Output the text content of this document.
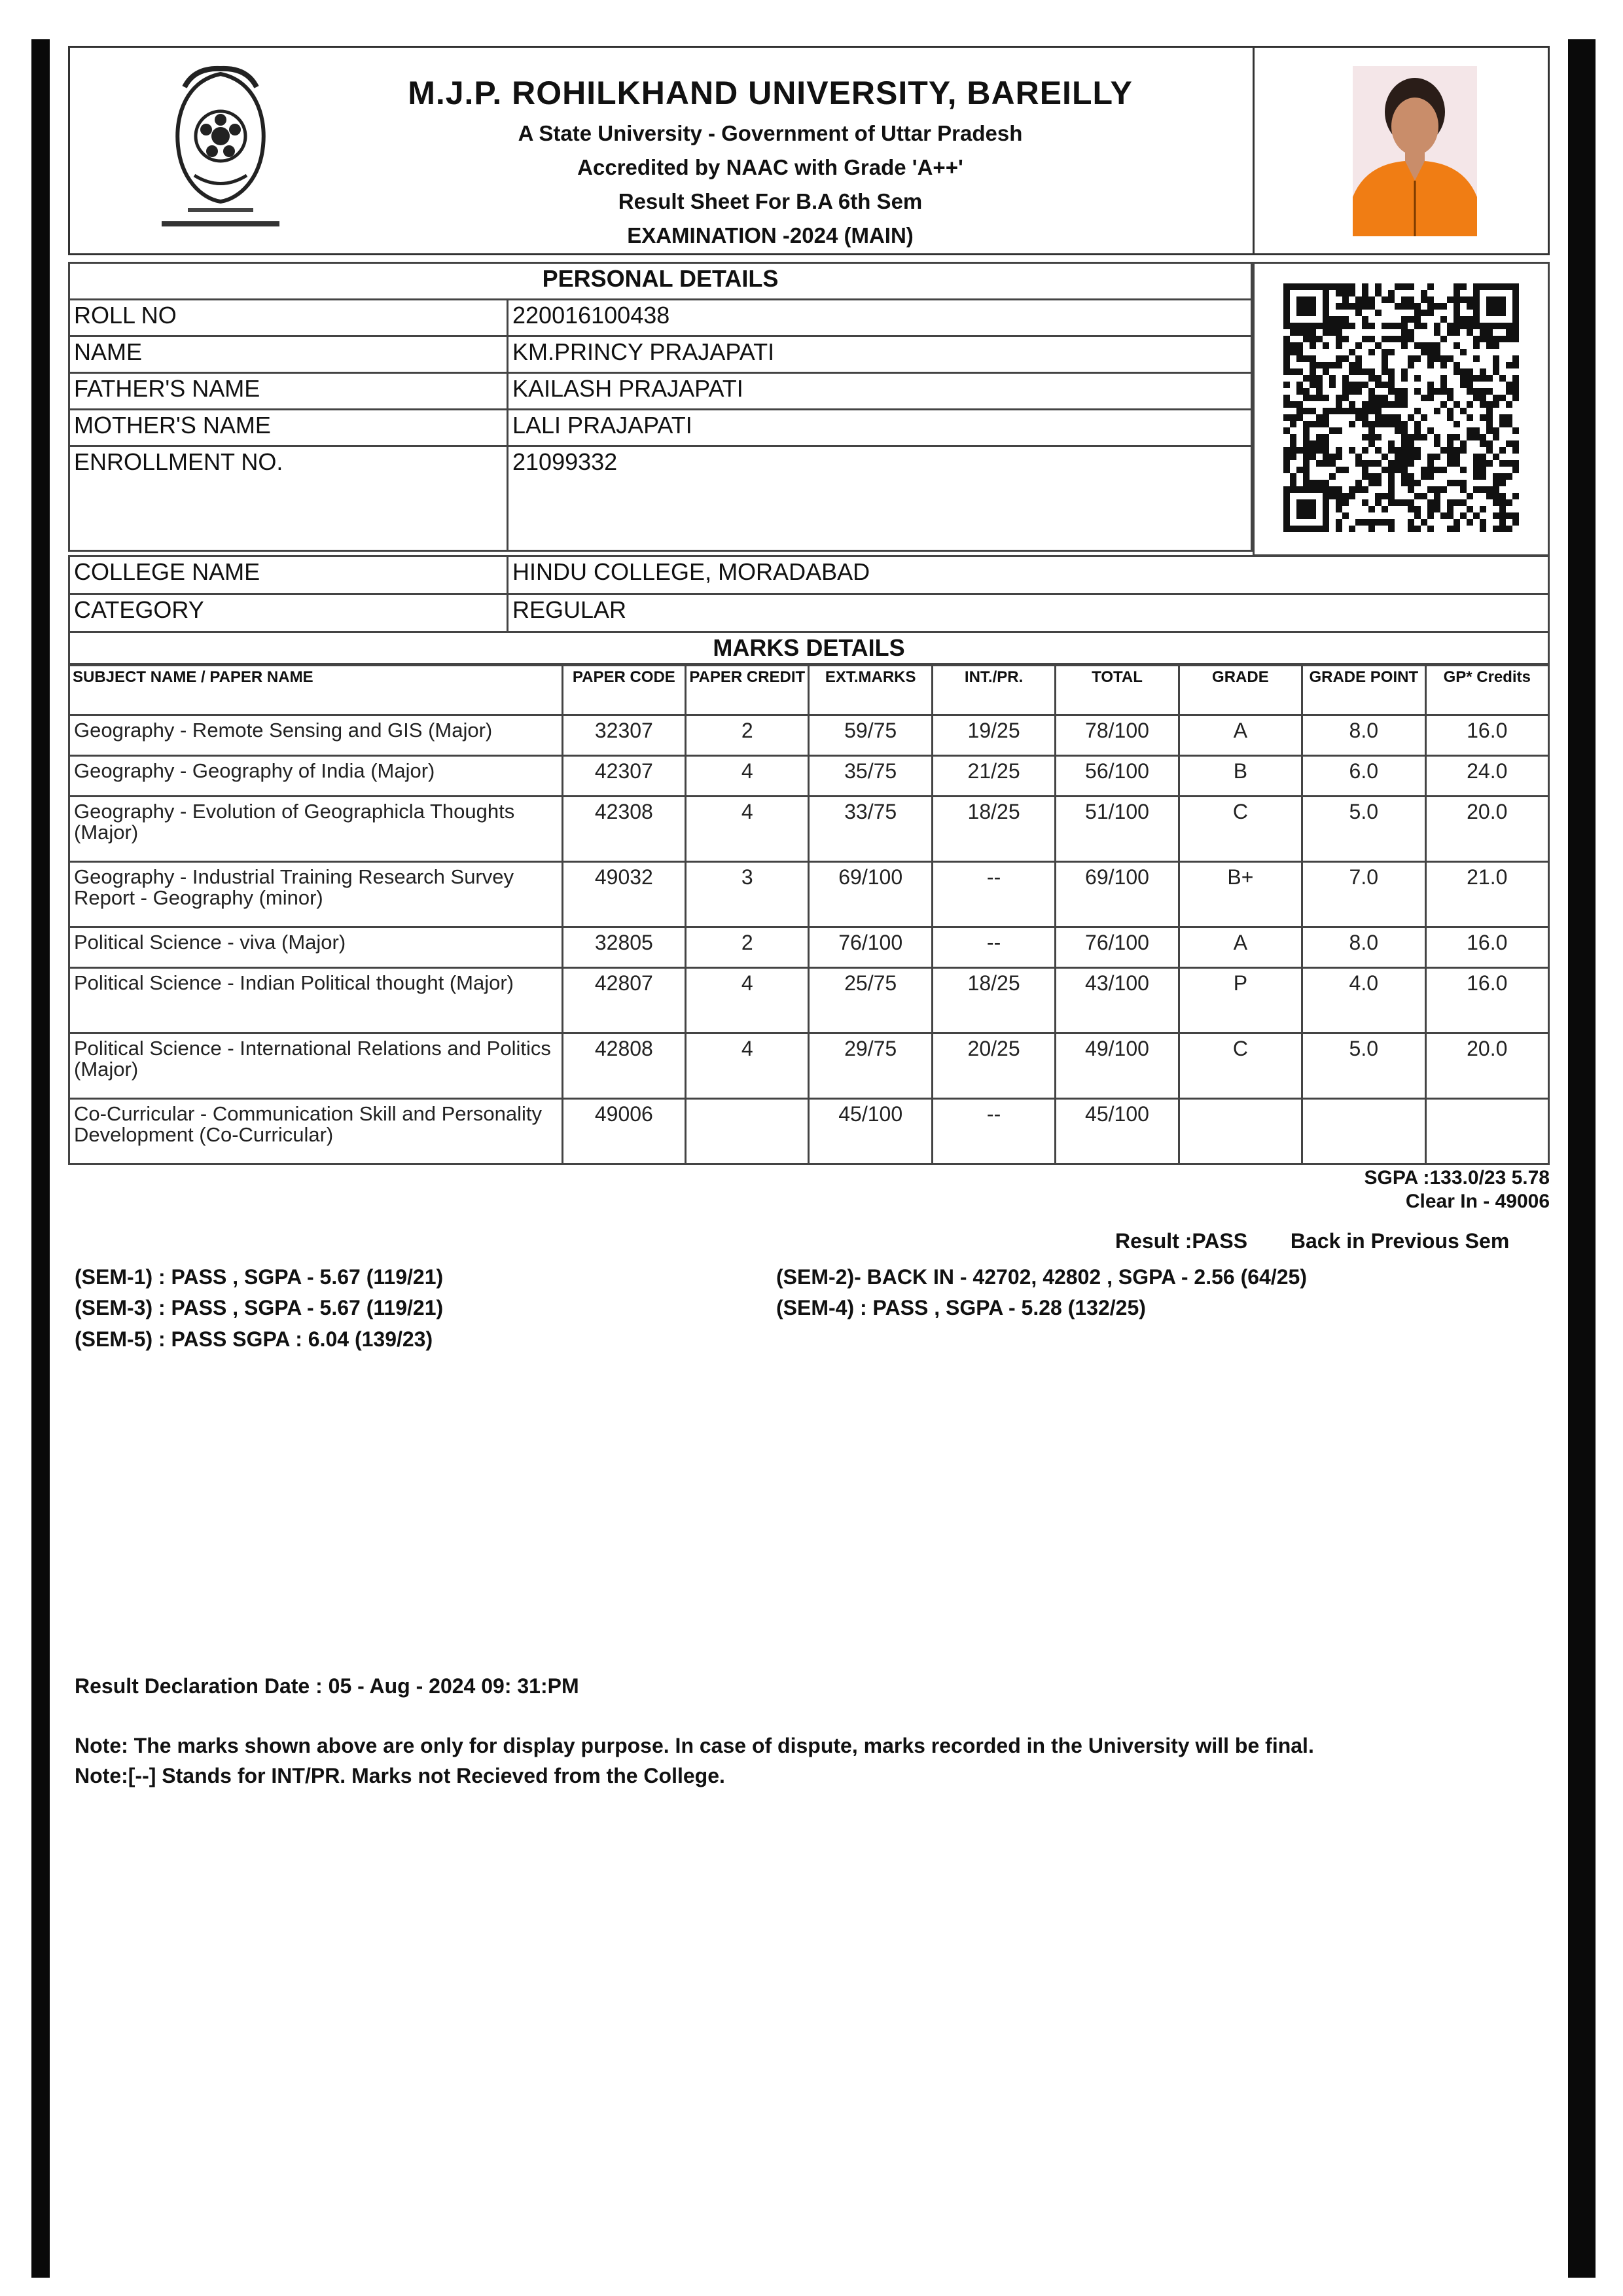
M.J.P. ROHILKHAND UNIVERSITY, BAREILLY
A State University - Government of Uttar Pradesh
Accredited by NAAC with Grade 'A++'
Result Sheet For B.A 6th Sem
EXAMINATION -2024 (MAIN)
PERSONAL DETAILS	
ROLL NO	220016100438
NAME	KM.PRINCY PRAJAPATI
FATHER'S NAME	KAILASH PRAJAPATI
MOTHER'S NAME	LALI PRAJAPATI
ENROLLMENT NO.	21099332
COLLEGE NAME	HINDU COLLEGE, MORADABAD
CATEGORY	REGULAR
MARKS DETAILS	
SUBJECT NAME / PAPER NAME	PAPER CODE	PAPER CREDIT	EXT.MARKS	INT./PR.	TOTAL	GRADE	GRADE POINT	GP* Credits
Geography - Remote Sensing and GIS (Major)	32307	2	59/75	19/25	78/100	A	8.0	16.0
Geography - Geography of India (Major)	42307	4	35/75	21/25	56/100	B	6.0	24.0
Geography - Evolution of Geographicla Thoughts (Major)	42308	4	33/75	18/25	51/100	C	5.0	20.0
Geography - Industrial Training Research Survey Report - Geography (minor)	49032	3	69/100	--	69/100	B+	7.0	21.0
Political Science - viva (Major)	32805	2	76/100	--	76/100	A	8.0	16.0
Political Science - Indian Political thought (Major)	42807	4	25/75	18/25	43/100	P	4.0	16.0
Political Science - International Relations and Politics (Major)	42808	4	29/75	20/25	49/100	C	5.0	20.0
Co-Curricular - Communication Skill and Personality Development (Co-Curricular)	49006		45/100	--	45/100			
SGPA :133.0/23 5.78
Clear In - 49006
Result :PASS Back in Previous Sem
(SEM-1) : PASS , SGPA - 5.67 (119/21)
(SEM-3) : PASS , SGPA - 5.67 (119/21)
(SEM-5) : PASS SGPA : 6.04 (139/23)
(SEM-2)- BACK IN - 42702, 42802 , SGPA - 2.56 (64/25)
(SEM-4) : PASS , SGPA - 5.28 (132/25)
Result Declaration Date : 05 - Aug - 2024 09: 31:PM
Note: The marks shown above are only for display purpose. In case of dispute, marks recorded in the University will be final.
Note:[--] Stands for INT/PR. Marks not Recieved from the College.
